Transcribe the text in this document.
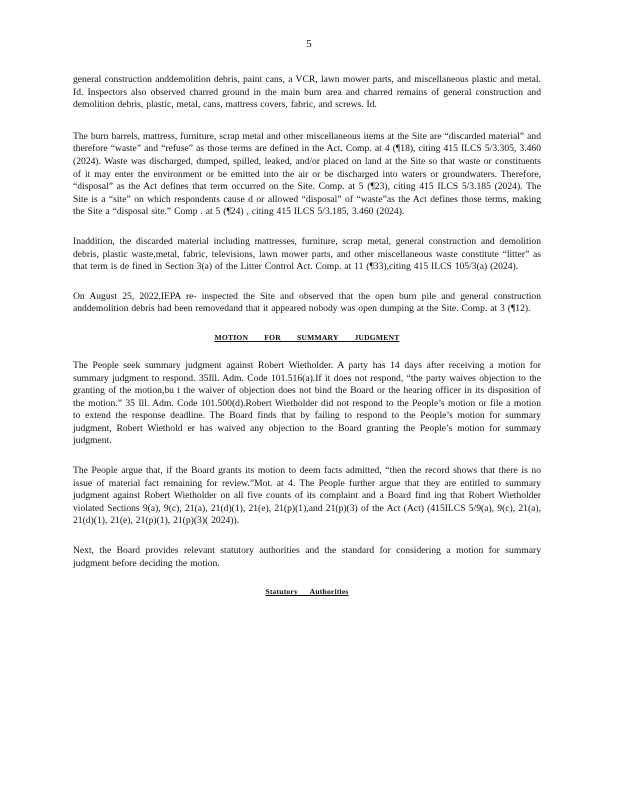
5

general construction anddemolition debris, paint cans, a VCR, lawn mower parts, and miscellaneous plastic and metal. Id. Inspectors also observed charred ground in the main burn area and charred remains of general construction and demolition debris, plastic, metal, cans, mattress covers, fabric, and screws. Id.

The burn barrels, mattress, furniture, scrap metal and other miscellaneous items at the Site are “discarded material” and therefore “waste” and “refuse” as those terms are defined in the Act. Comp. at 4 (¶18), citing 415 ILCS 5/3.305, 3.460 (2024). Waste was discharged, dumped, spilled, leaked, and/or placed on land at the Site so that waste or constituents of it may enter the environment or be emitted into the air or be discharged into waters or groundwaters. Therefore, “disposal” as the Act defines that term occurred on the Site. Comp. at 5 (¶23), citing 415 ILCS 5/3.185 (2024). The Site is a “site” on which respondents cause d or allowed “disposal” of “waste”as the Act defines those terms, making the Site a “disposal site.” Comp . at 5 (¶24) , citing 415 ILCS 5/3.185, 3.460 (2024).

Inaddition, the discarded material including mattresses, furniture, scrap metal, general construction and demolition debris, plastic waste,metal, fabric, televisions, lawn mower parts, and other miscellaneous waste constitute “litter” as that term is de fined in Section 3(a) of the Litter Control Act. Comp. at 11 (¶33),citing 415 ILCS 105/3(a) (2024).

On August 25, 2022,IEPA re- inspected the Site and observed that the open burn pile and general construction anddemolition debris had been removedand that it appeared nobody was open dumping at the Site. Comp. at 3 (¶12).

MOTION FOR SUMMARY JUDGMENT

The People seek summary judgment against Robert Wietholder. A party has 14 days after receiving a motion for summary judgment to respond. 35Ill. Adm. Code 101.516(a).If it does not respond, “the party waives objection to the granting of the motion,bu t the waiver of objection does not bind the Board or the hearing officer in its disposition of the motion.” 35 Ill. Adm. Code 101.500(d).Robert Wietholder did not respond to the People’s motion or file a motion to extend the response deadline. The Board finds that by failing to respond to the People’s motion for summary judgment, Robert Wiethold er has waived any objection to the Board granting the People’s motion for summary judgment.

The People argue that, if the Board grants its motion to deem facts admitted, “then the record shows that there is no issue of material fact remaining for review.”Mot. at 4. The People further argue that they are entitled to summary judgment against Robert Wietholder on all five counts of its complaint and a Board find ing that Robert Wietholder violated Sections 9(a), 9(c), 21(a), 21(d)(1), 21(e), 21(p)(1),and 21(p)(3) of the Act (Act) (415ILCS 5/9(a), 9(c), 21(a), 21(d)(1), 21(e), 21(p)(1), 21(p)(3)( 2024)).

Next, the Board provides relevant statutory authorities and the standard for considering a motion for summary judgment before deciding the motion.

Statutory Authorities
